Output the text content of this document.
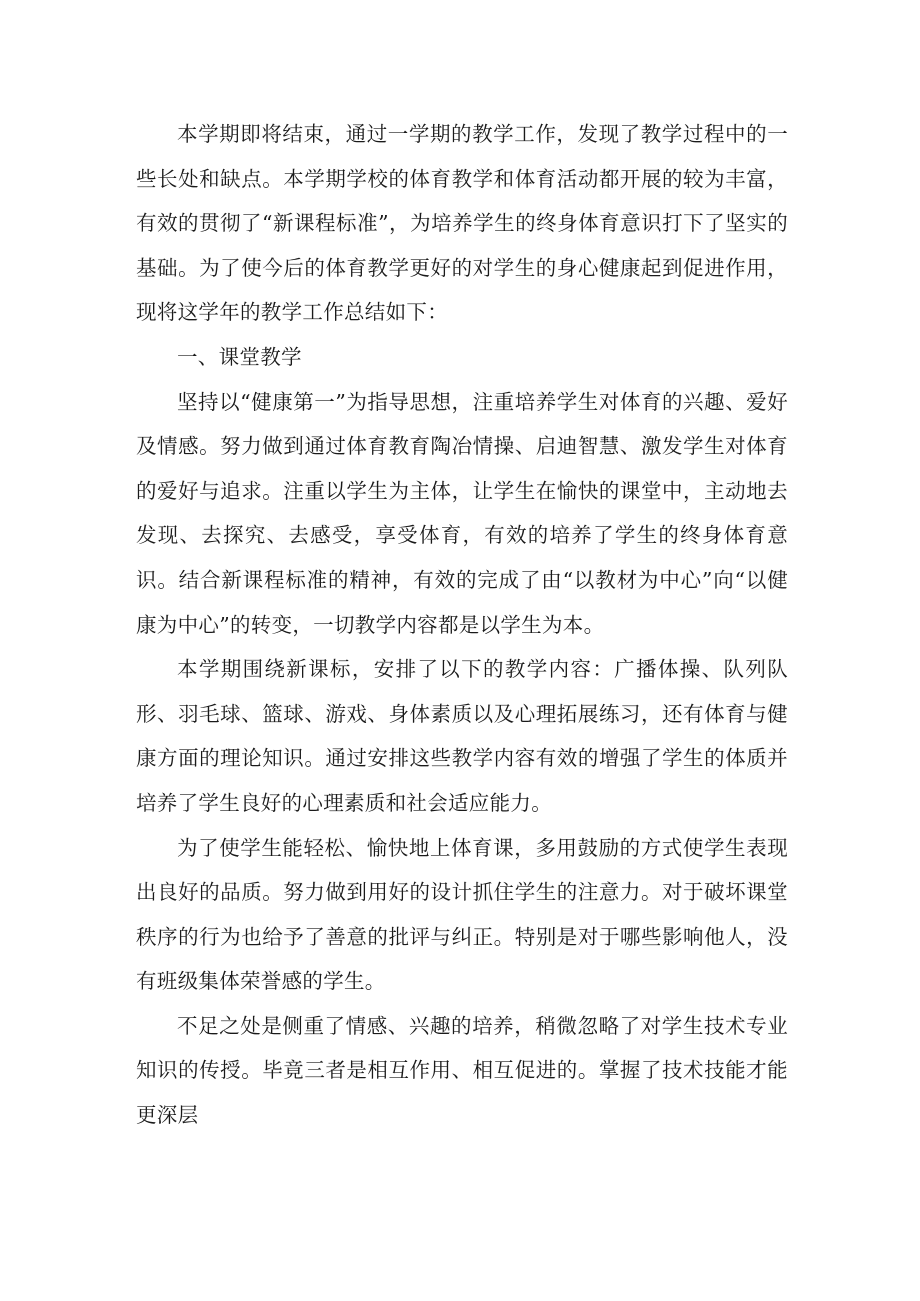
本学期即将结束，通过一学期的教学工作，发现了教学过程中的一些长处和缺点。本学期学校的体育教学和体育活动都开展的较为丰富，有效的贯彻了“新课程标准”，为培养学生的终身体育意识打下了坚实的基础。为了使今后的体育教学更好的对学生的身心健康起到促进作用，现将这学年的教学工作总结如下：

一、课堂教学

坚持以“健康第一”为指导思想，注重培养学生对体育的兴趣、爱好及情感。努力做到通过体育教育陶冶情操、启迪智慧、激发学生对体育的爱好与追求。注重以学生为主体，让学生在愉快的课堂中，主动地去发现、去探究、去感受，享受体育，有效的培养了学生的终身体育意识。结合新课程标准的精神，有效的完成了由“以教材为中心”向“以健康为中心”的转变，一切教学内容都是以学生为本。

本学期围绕新课标，安排了以下的教学内容：广播体操、队列队形、羽毛球、篮球、游戏、身体素质以及心理拓展练习，还有体育与健康方面的理论知识。通过安排这些教学内容有效的增强了学生的体质并培养了学生良好的心理素质和社会适应能力。

为了使学生能轻松、愉快地上体育课，多用鼓励的方式使学生表现出良好的品质。努力做到用好的设计抓住学生的注意力。对于破坏课堂秩序的行为也给予了善意的批评与纠正。特别是对于哪些影响他人，没有班级集体荣誉感的学生。

不足之处是侧重了情感、兴趣的培养，稍微忽略了对学生技术专业知识的传授。毕竟三者是相互作用、相互促进的。掌握了技术技能才能更深层
